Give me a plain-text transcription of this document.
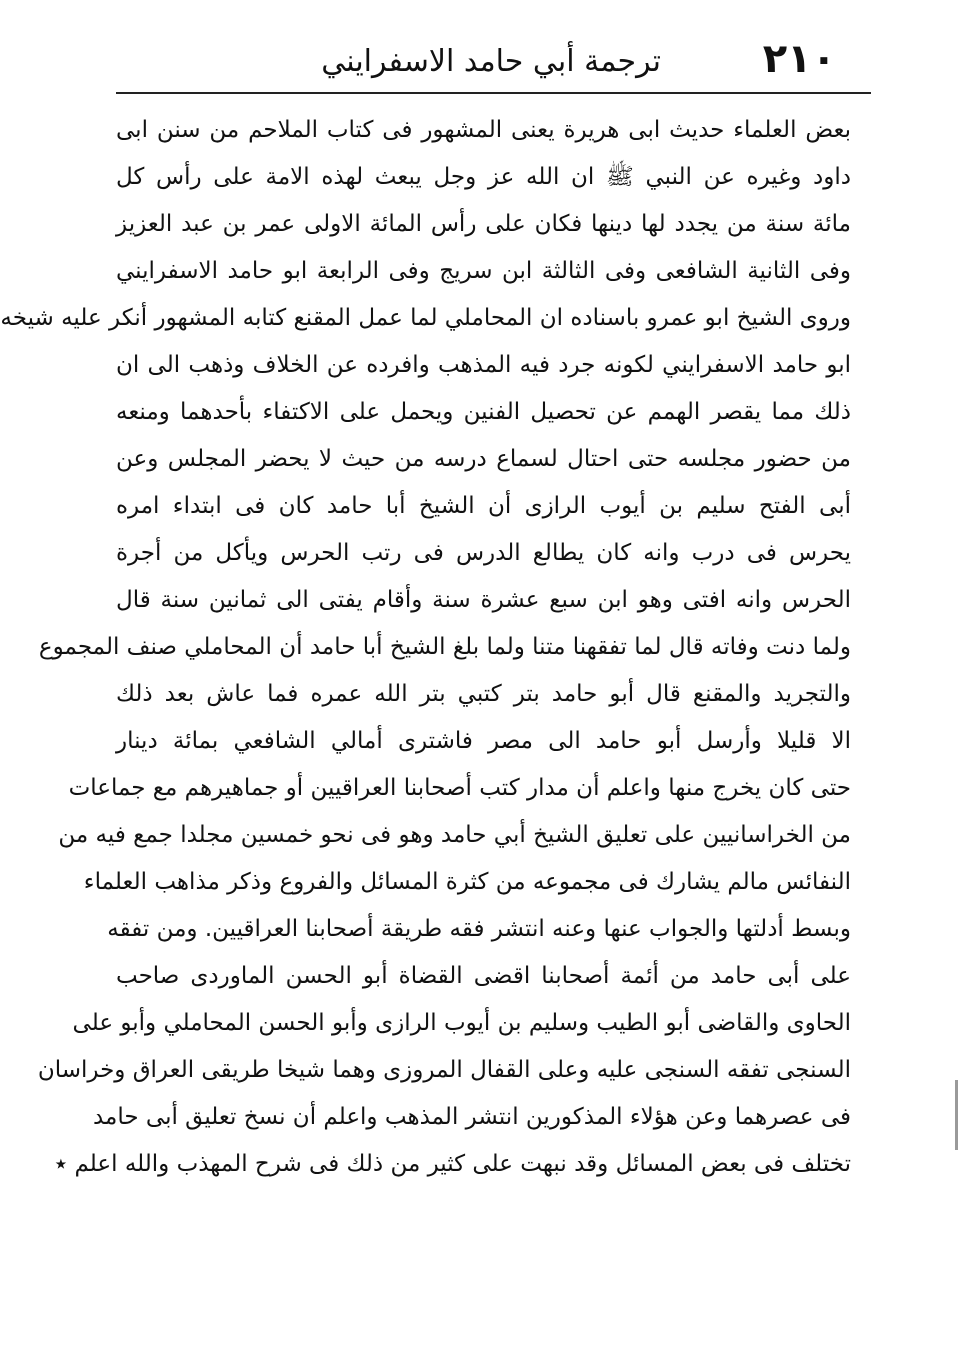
٢١٠
ترجمة أبي حامد الاسفرايني
بعض العلماء حديث ابى هريرة يعنى المشهور فى كتاب الملاحم من سنن ابى
داود وغيره عن النبي ﷺ ان الله عز وجل يبعث لهذه الامة على رأس كل
مائة سنة من يجدد لها دينها فكان على رأس المائة الاولى عمر بن عبد العزيز
وفى الثانية الشافعى وفى الثالثة ابن سريج وفى الرابعة ابو حامد الاسفرايني
وروى الشيخ ابو عمرو باسناده ان المحاملي لما عمل المقنع كتابه المشهور أنكر عليه شيخه
ابو حامد الاسفرايني لكونه جرد فيه المذهب وافرده عن الخلاف وذهب الى ان
ذلك مما يقصر الهمم عن تحصيل الفنين ويحمل على الاكتفاء بأحدهما ومنعه
من حضور مجلسه حتى احتال لسماع درسه من حيث لا يحضر المجلس وعن
أبى الفتح سليم بن أيوب الرازى أن الشيخ أبا حامد كان فى ابتداء امره
يحرس فى درب وانه كان يطالع الدرس فى رتب الحرس ويأكل من أجرة
الحرس وانه افتى وهو ابن سبع عشرة سنة وأقام يفتى الى ثمانين سنة قال
ولما دنت وفاته قال لما تفقهنا متنا ولما بلغ الشيخ أبا حامد أن المحاملي صنف المجموع
والتجريد والمقنع قال أبو حامد بتر كتبي بتر الله عمره فما عاش بعد ذلك
الا قليلا وأرسل أبو حامد الى مصر فاشترى أمالي الشافعي بمائة دينار
حتى كان يخرج منها واعلم أن مدار كتب أصحابنا العراقيين أو جماهيرهم مع جماعات
من الخراسانيين على تعليق الشيخ أبي حامد وهو فى نحو خمسين مجلدا جمع فيه من
النفائس مالم يشارك فى مجموعه من كثرة المسائل والفروع وذكر مذاهب العلماء
وبسط أدلتها والجواب عنها وعنه انتشر فقه طريقة أصحابنا العراقيين. ومن تفقه
على أبى حامد من أئمة أصحابنا اقضى القضاة أبو الحسن الماوردى صاحب
الحاوى والقاضى أبو الطيب وسليم بن أيوب الرازى وأبو الحسن المحاملي وأبو على
السنجى تفقه السنجى عليه وعلى القفال المروزى وهما شيخا طريقى العراق وخراسان
فى عصرهما وعن هؤلاء المذكورين انتشر المذهب واعلم أن نسخ تعليق أبى حامد
تختلف فى بعض المسائل وقد نبهت على كثير من ذلك فى شرح المهذب والله اعلم ٭
